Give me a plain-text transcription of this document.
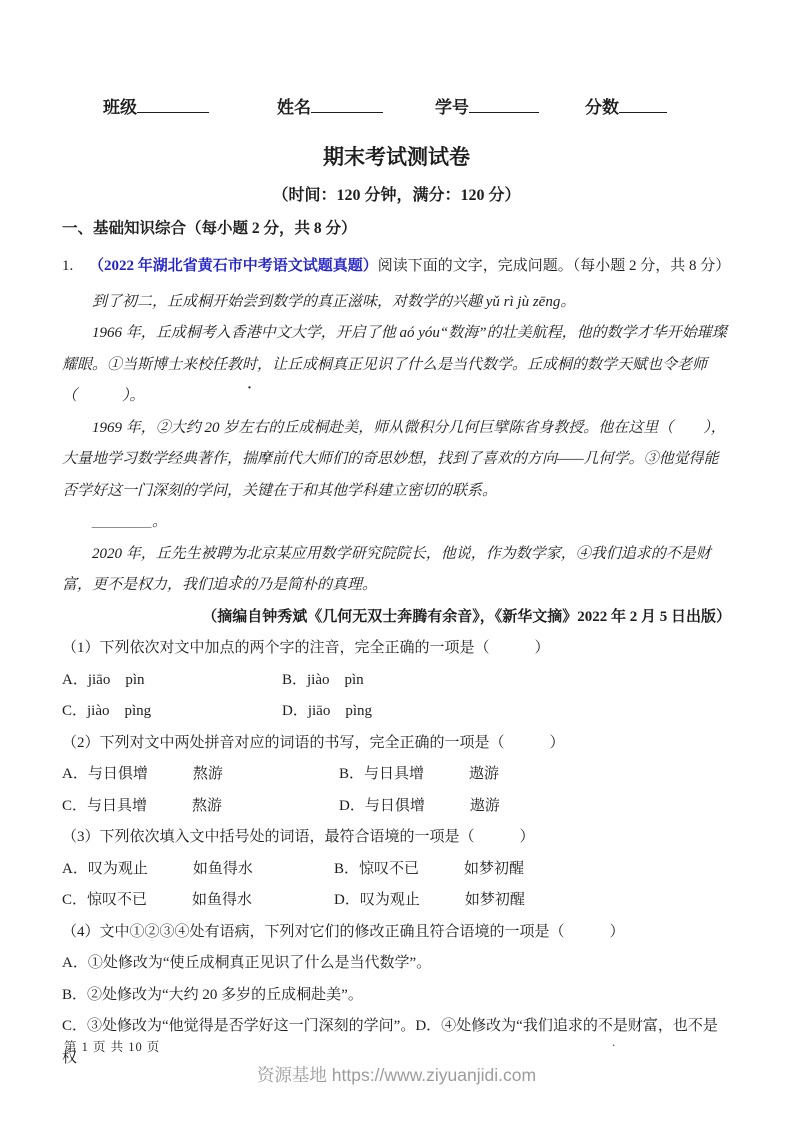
班级	姓名	学号	分数
期末考试测试卷
（时间：120 分钟，满分：120 分）
一、基础知识综合（每小题 2 分，共 8 分）
1.	（2022 年湖北省黄石市中考语文试题真题）阅读下面的文字，完成问题。（每小题 2 分，共 8 分）

到了初二，丘成桐开始尝到数学的真正滋味，对数学的兴趣 yǔ rì jù zēng。

1966 年，丘成桐考入香港中文大学，开启了他 aó yóu“数海”的壮美航程，他的数学才华开始璀璨耀眼。①当斯博士来校任教时，让丘成桐真正见识了什么是当代数学。丘成桐的数学天赋也令老师（　　　）。

1969 年，②大约 20 岁左右的丘成桐赴美，师从微积分几何巨擘陈省身教授。他在这里（　　），大量地学习数学经典著作，揣摩前代大师们的奇思妙想，找到了喜欢的方向——几何学。③他觉得能否学好这一门深刻的学问，关键在于和其他学科建立密切的联系。

＿＿＿＿。

2020 年，丘先生被聘为北京某应用数学研究院院长，他说，作为数学家，④我们追求的不是财富，更不是权力，我们追求的乃是简朴的真理。

（摘编自钟秀斌《几何无双士奔腾有余音》，《新华文摘》2022 年 2 月 5 日出版）

（1）下列依次对文中加点的两个字的注音，完全正确的一项是（　　　）

A．jiāo　pìn	B．jiào　pìn
C．jiào　pìng	D．jiāo　pìng

（2）下列对文中两处拼音对应的词语的书写，完全正确的一项是（　　　）

A．与日俱增　　　熬游	B．与日具增　　　遨游
C．与日具增　　　熬游	D．与日俱增　　　遨游

（3）下列依次填入文中括号处的词语，最符合语境的一项是（　　　）

A．叹为观止　　　如鱼得水	B．惊叹不已　　　如梦初醒
C．惊叹不已　　　如鱼得水	D．叹为观止　　　如梦初醒

（4）文中①②③④处有语病，下列对它们的修改正确且符合语境的一项是（　　　）

A．①处修改为“使丘成桐真正见识了什么是当代数学”。

B．②处修改为“大约 20 多岁的丘成桐赴美”。

C．③处修改为“他觉得是否学好这一门深刻的学问”。D．④处修改为“我们追求的不是财富，也不是权

第 1 页 共 10 页	.
资源基地 https://www.ziyuanjidi.com
